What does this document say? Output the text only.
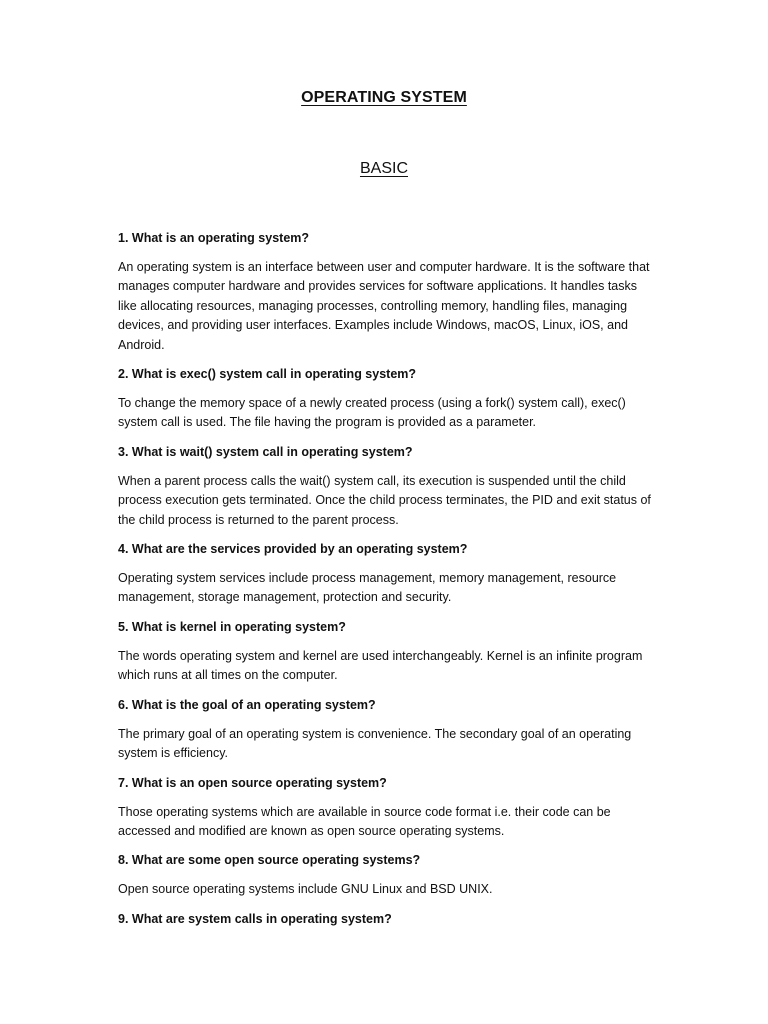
OPERATING SYSTEM
BASIC

1. What is an operating system?

An operating system is an interface between user and computer hardware. It is the software that manages computer hardware and provides services for software applications. It handles tasks like allocating resources, managing processes, controlling memory, handling files, managing devices, and providing user interfaces. Examples include Windows, macOS, Linux, iOS, and Android.

2. What is exec() system call in operating system?

To change the memory space of a newly created process (using a fork() system call), exec() system call is used. The file having the program is provided as a parameter.

3. What is wait() system call in operating system?

When a parent process calls the wait() system call, its execution is suspended until the child process execution gets terminated. Once the child process terminates, the PID and exit status of the child process is returned to the parent process.

4. What are the services provided by an operating system?

Operating system services include process management, memory management, resource management, storage management, protection and security.

5. What is kernel in operating system?

The words operating system and kernel are used interchangeably. Kernel is an infinite program which runs at all times on the computer.

6. What is the goal of an operating system?

The primary goal of an operating system is convenience. The secondary goal of an operating system is efficiency.

7. What is an open source operating system?

Those operating systems which are available in source code format i.e. their code can be accessed and modified are known as open source operating systems.

8. What are some open source operating systems?

Open source operating systems include GNU Linux and BSD UNIX.

9. What are system calls in operating system?
